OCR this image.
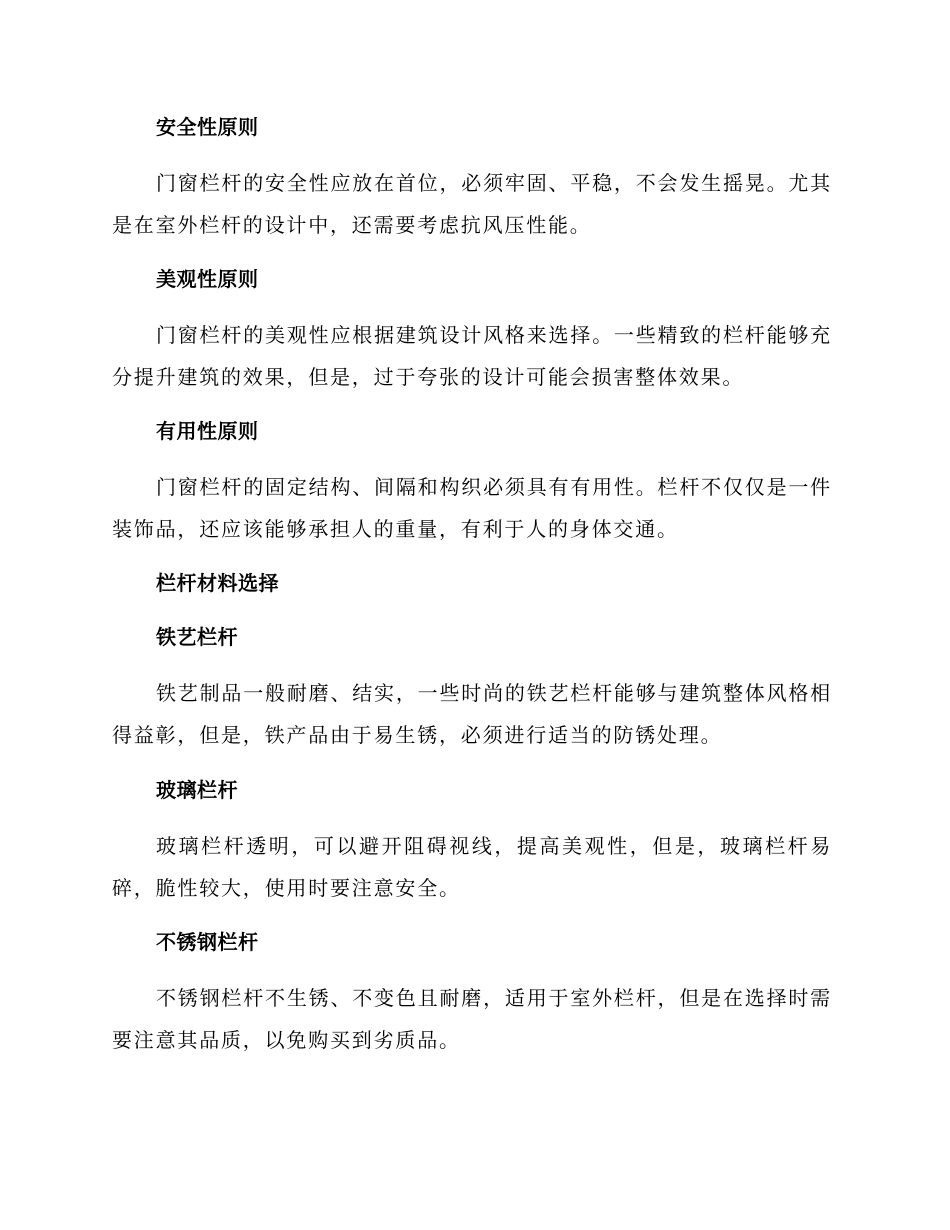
安全性原则

门窗栏杆的安全性应放在首位，必须牢固、平稳，不会发生摇晃。尤其是在室外栏杆的设计中，还需要考虑抗风压性能。

美观性原则

门窗栏杆的美观性应根据建筑设计风格来选择。一些精致的栏杆能够充分提升建筑的效果，但是，过于夸张的设计可能会损害整体效果。

有用性原则

门窗栏杆的固定结构、间隔和构织必须具有有用性。栏杆不仅仅是一件装饰品，还应该能够承担人的重量，有利于人的身体交通。

栏杆材料选择
铁艺栏杆

铁艺制品一般耐磨、结实，一些时尚的铁艺栏杆能够与建筑整体风格相得益彰，但是，铁产品由于易生锈，必须进行适当的防锈处理。

玻璃栏杆

玻璃栏杆透明，可以避开阻碍视线，提高美观性，但是，玻璃栏杆易碎，脆性较大，使用时要注意安全。

不锈钢栏杆

不锈钢栏杆不生锈、不变色且耐磨，适用于室外栏杆，但是在选择时需要注意其品质，以免购买到劣质品。
